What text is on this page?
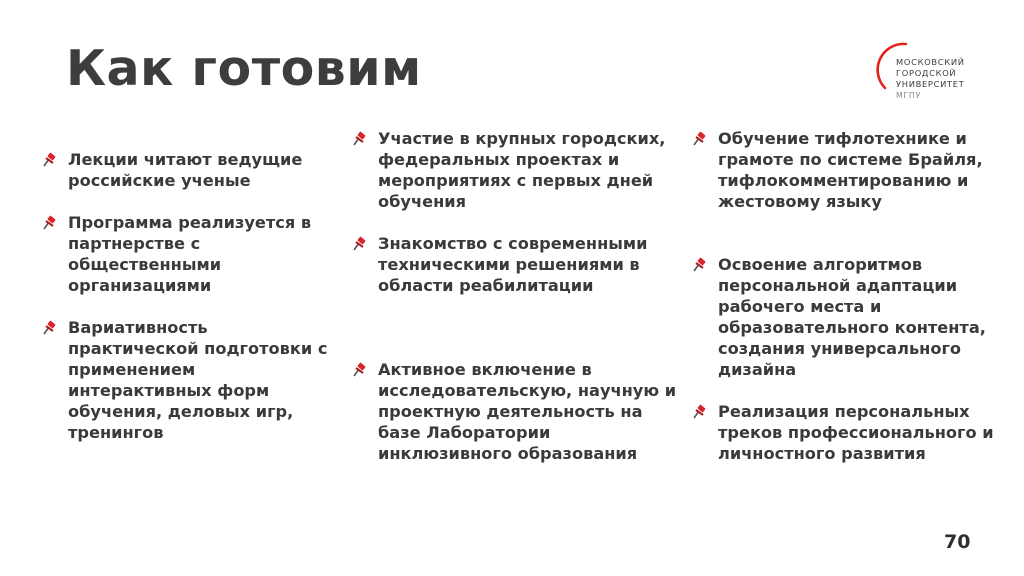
Как готовим	МОСКОВСКИЙ
ГОРОДСКОЙ
УНИВЕРСИТЕТ
МГПУ
Лекции читают ведущие российские ученые
Программа реализуется в партнерстве с общественными организациями
Вариативность практической подготовки с применением интерактивных форм обучения, деловых игр, тренингов
Участие в крупных городских, федеральных проектах и мероприятиях с первых дней обучения
Знакомство с современными техническими решениями в области реабилитации
Активное включение в исследовательскую, научную и проектную деятельность на базе Лаборатории инклюзивного образования
Обучение тифлотехнике и грамоте по системе Брайля, тифлокомментированию и жестовому языку
Освоение алгоритмов персональной адаптации рабочего места и образовательного контента, создания универсального дизайна
Реализация персональных треков профессионального и личностного развития
70
